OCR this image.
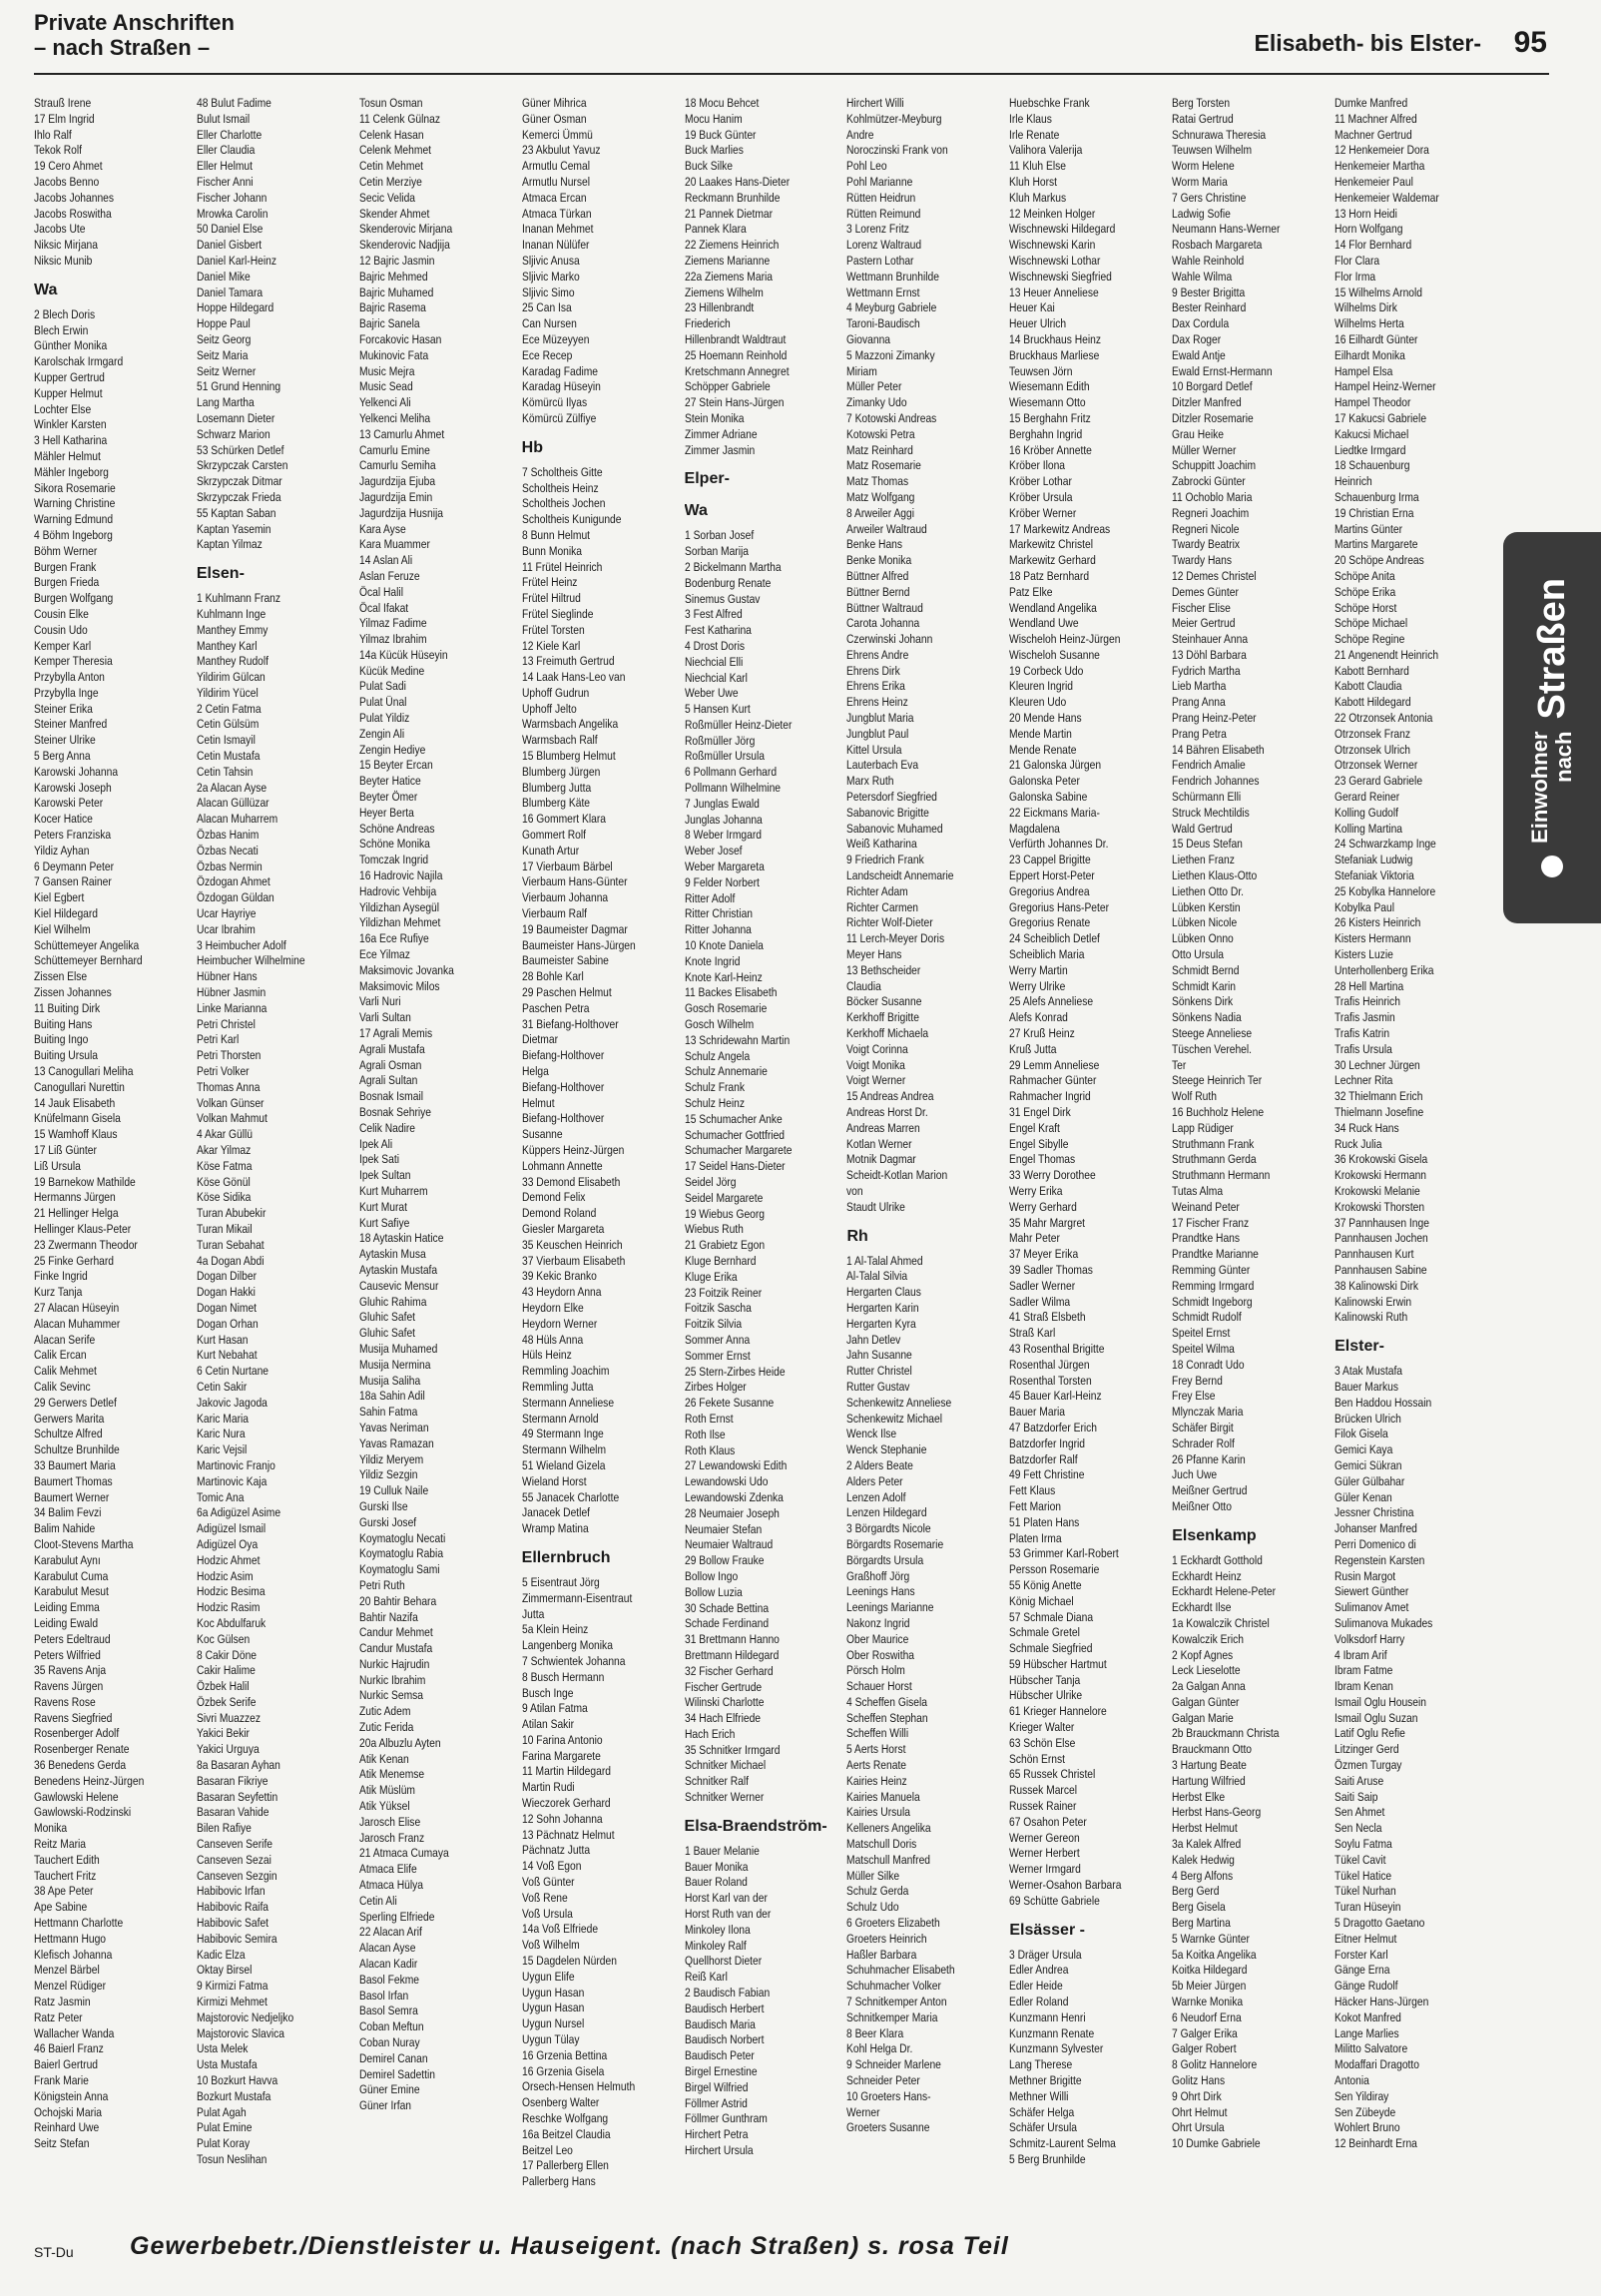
Private Anschriften
– nach Straßen –	Elisabeth- bis Elster- 95
Strauß Irene
17 Elm Ingrid
Ihlo Ralf
Tekok Rolf
19 Cero Ahmet
Jacobs Benno
Jacobs Johannes
Jacobs Roswitha
Jacobs Ute
Niksic Mirjana
Niksic Munib
Wa
2 Blech Doris
Blech Erwin
Günther Monika
Karolschak Irmgard
Kupper Gertrud
Kupper Helmut
Lochter Else
Winkler Karsten
3 Hell Katharina
Mähler Helmut
Mähler Ingeborg
Sikora Rosemarie
Warning Christine
Warning Edmund
4 Böhm Ingeborg
Böhm Werner
Burgen Frank
Burgen Frieda
Burgen Wolfgang
Cousin Elke
Cousin Udo
Kemper Karl
Kemper Theresia
Przybylla Anton
Przybylla Inge
Steiner Erika
Steiner Manfred
Steiner Ulrike
5 Berg Anna
Karowski Johanna
Karowski Joseph
Karowski Peter
Kocer Hatice
Peters Franziska
Yildiz Ayhan
6 Deymann Peter
7 Gansen Rainer
Kiel Egbert
Kiel Hildegard
Kiel Wilhelm
Schüttemeyer Angelika
Schüttemeyer Bernhard
Zissen Else
Zissen Johannes
11 Buiting Dirk
Buiting Hans
Buiting Ingo
Buiting Ursula
13 Canogullari Meliha
Canogullari Nurettin
14 Jauk Elisabeth
Knüfelmann Gisela
15 Wamhoff Klaus
17 Liß Günter
Liß Ursula
19 Barnekow Mathilde
Hermanns Jürgen
21 Hellinger Helga
Hellinger Klaus-Peter
23 Zwermann Theodor
25 Finke Gerhard
Finke Ingrid
Kurz Tanja
27 Alacan Hüseyin
Alacan Muhammer
Alacan Serife
Calik Ercan
Calik Mehmet
Calik Sevinc
29 Gerwers Detlef
Gerwers Marita
Schultze Alfred
Schultze Brunhilde
33 Baumert Maria
Baumert Thomas
Baumert Werner
34 Balim Fevzi
Balim Nahide
Cloot-Stevens Martha
Karabulut Aynı
Karabulut Cuma
Karabulut Mesut
Leiding Emma
Leiding Ewald
Peters Edeltraud
Peters Wilfried
35 Ravens Anja
Ravens Jürgen
Ravens Rose
Ravens Siegfried
Rosenberger Adolf
Rosenberger Renate
36 Benedens Gerda
Benedens Heinz-Jürgen
Gawlowski Helene
Gawlowski-Rodzinski
Monika
Reitz Maria
Tauchert Edith
Tauchert Fritz
38 Ape Peter
Ape Sabine
Hettmann Charlotte
Hettmann Hugo
Klefisch Johanna
Menzel Bärbel
Menzel Rüdiger
Ratz Jasmin
Ratz Peter
Wallacher Wanda
46 Baierl Franz
Baierl Gertrud
Frank Marie
Königstein Anna
Ochojski Maria
Reinhard Uwe
Seitz Stefan
48 Bulut Fadime
Bulut Ismail
Eller Charlotte
Eller Claudia
Eller Helmut
Fischer Anni
Fischer Johann
Mrowka Carolin
50 Daniel Else
Daniel Gisbert
Daniel Karl-Heinz
Daniel Mike
Daniel Tamara
Hoppe Hildegard
Hoppe Paul
Seitz Georg
Seitz Maria
Seitz Werner
51 Grund Henning
Lang Martha
Losemann Dieter
Schwarz Marion
53 Schürken Detlef
Skrzypczak Carsten
Skrzypczak Ditmar
Skrzypczak Frieda
55 Kaptan Saban
Kaptan Yasemin
Kaptan Yilmaz
Elsen-
1 Kuhlmann Franz
Kuhlmann Inge
Manthey Emmy
Manthey Karl
Manthey Rudolf
Yildirim Gülcan
Yildirim Yücel
2 Cetin Fatma
Cetin Gülsüm
Cetin Ismayil
Cetin Mustafa
Cetin Tahsin
2a Alacan Ayse
Alacan Güllüzar
Alacan Muharrem
Özbas Hanim
Özbas Necati
Özbas Nermin
Özdogan Ahmet
Özdogan Güldan
Ucar Hayriye
Ucar Ibrahim
3 Heimbucher Adolf
Heimbucher Wilhelmine
Hübner Hans
Hübner Jasmin
Linke Marianna
Petri Christel
Petri Karl
Petri Thorsten
Petri Volker
Thomas Anna
Volkan Günser
Volkan Mahmut
4 Akar Güllü
Akar Yilmaz
Köse Fatma
Köse Gönül
Köse Sidika
Turan Abubekir
Turan Mikail
Turan Sebahat
4a Dogan Abdi
Dogan Dilber
Dogan Hakki
Dogan Nimet
Dogan Orhan
Kurt Hasan
Kurt Nebahat
6 Cetin Nurtane
Cetin Sakir
Jakovic Jagoda
Karic Maria
Karic Nura
Karic Vejsil
Martinovic Franjo
Martinovic Kaja
Tomic Ana
6a Adigüzel Asime
Adigüzel Ismail
Adigüzel Oya
Hodzic Ahmet
Hodzic Asim
Hodzic Besima
Hodzic Rasim
Koc Abdulfaruk
Koc Gülsen
8 Cakir Döne
Cakir Halime
Özbek Halil
Özbek Serife
Sivri Muazzez
Yakici Bekir
Yakici Urguya
8a Basaran Ayhan
Basaran Fikriye
Basaran Seyfettin
Basaran Vahide
Bilen Rafiye
Canseven Serife
Canseven Sezai
Canseven Sezgin
Habibovic Irfan
Habibovic Raifa
Habibovic Safet
Habibovic Semira
Kadic Elza
Oktay Birsel
9 Kirmizi Fatma
Kirmizi Mehmet
Majstorovic Nedjeljko
Majstorovic Slavica
Usta Melek
Usta Mustafa
10 Bozkurt Havva
Bozkurt Mustafa
Pulat Agah
Pulat Emine
Pulat Koray
Tosun Neslihan
Tosun Osman
11 Celenk Gülnaz
Celenk Hasan
Celenk Mehmet
Cetin Mehmet
Cetin Merziye
Secic Velida
Skender Ahmet
Skenderovic Mirjana
Skenderovic Nadjija
12 Bajric Jasmin
Bajric Mehmed
Bajric Muhamed
Bajric Rasema
Bajric Sanela
Forcakovic Hasan
Mukinovic Fata
Music Mejra
Music Sead
Yelkenci Ali
Yelkenci Meliha
13 Camurlu Ahmet
Camurlu Emine
Camurlu Semiha
Jagurdzija Ejuba
Jagurdzija Emin
Jagurdzija Husnija
Kara Ayse
Kara Muammer
14 Aslan Ali
Aslan Feruze
Öcal Halil
Öcal Ifakat
Yilmaz Fadime
Yilmaz Ibrahim
14a Kücük Hüseyin
Kücük Medine
Pulat Sadi
Pulat Ünal
Pulat Yildiz
Zengin Ali
Zengin Hediye
15 Beyter Ercan
Beyter Hatice
Beyter Ömer
Heyer Berta
Schöne Andreas
Schöne Monika
Tomczak Ingrid
16 Hadrovic Najila
Hadrovic Vehbija
Yildizhan Aysegül
Yildizhan Mehmet
16a Ece Rufiye
Ece Yilmaz
Maksimovic Jovanka
Maksimovic Milos
Varli Nuri
Varli Sultan
17 Agrali Memis
Agrali Mustafa
Agrali Osman
Agrali Sultan
Bosnak Ismail
Bosnak Sehriye
Celik Nadire
Ipek Ali
Ipek Sati
Ipek Sultan
Kurt Muharrem
Kurt Murat
Kurt Safiye
18 Aytaskin Hatice
Aytaskin Musa
Aytaskin Mustafa
Causevic Mensur
Gluhic Rahima
Gluhic Safet
Gluhic Safet
Musija Muhamed
Musija Nermina
Musija Saliha
18a Sahin Adil
Sahin Fatma
Yavas Neriman
Yavas Ramazan
Yildiz Meryem
Yildiz Sezgin
19 Culluk Naile
Gurski Ilse
Gurski Josef
Koymatoglu Necati
Koymatoglu Rabia
Koymatoglu Sami
Petri Ruth
20 Bahtir Behara
Bahtir Nazifa
Candur Mehmet
Candur Mustafa
Nurkic Hajrudin
Nurkic Ibrahim
Nurkic Semsa
Zutic Adem
Zutic Ferida
20a Albuzlu Ayten
Atik Kenan
Atik Menemse
Atik Müslüm
Atik Yüksel
Jarosch Elise
Jarosch Franz
21 Atmaca Cumaya
Atmaca Elife
Atmaca Hülya
Cetin Ali
Sperling Elfriede
22 Alacan Arif
Alacan Ayse
Alacan Kadir
Basol Fekme
Basol Irfan
Basol Semra
Coban Meftun
Coban Nuray
Demirel Canan
Demirel Sadettin
Güner Emine
Güner Irfan
Güner Mihrica
Güner Osman
Kemerci Ümmü
23 Akbulut Yavuz
Armutlu Cemal
Armutlu Nursel
Atmaca Ercan
Atmaca Türkan
Inanan Mehmet
Inanan Nülüfer
Sljivic Anusa
Sljivic Marko
Sljivic Simo
25 Can Isa
Can Nursen
Ece Müzeyyen
Ece Recep
Karadag Fadime
Karadag Hüseyin
Kömürcü Ilyas
Kömürcü Zülfiye
Hb
7 Scholtheis Gitte
Scholtheis Heinz
Scholtheis Jochen
Scholtheis Kunigunde
8 Bunn Helmut
Bunn Monika
11 Frütel Heinrich
Frütel Heinz
Frütel Hiltrud
Frütel Sieglinde
Frütel Torsten
12 Kiele Karl
13 Freimuth Gertrud
14 Laak Hans-Leo van
Uphoff Gudrun
Uphoff Jelto
Warmsbach Angelika
Warmsbach Ralf
15 Blumberg Helmut
Blumberg Jürgen
Blumberg Jutta
Blumberg Käte
16 Gommert Klara
Gommert Rolf
Kunath Artur
17 Vierbaum Bärbel
Vierbaum Hans-Günter
Vierbaum Johanna
Vierbaum Ralf
19 Baumeister Dagmar
Baumeister Hans-Jürgen
Baumeister Sabine
28 Bohle Karl
29 Paschen Helmut
Paschen Petra
31 Biefang-Holthover
Dietmar
Biefang-Holthover
Helga
Biefang-Holthover
Helmut
Biefang-Holthover
Susanne
Küppers Heinz-Jürgen
Lohmann Annette
33 Demond Elisabeth
Demond Felix
Demond Roland
Giesler Margareta
35 Keuschen Heinrich
37 Vierbaum Elisabeth
39 Kekic Branko
43 Heydorn Anna
Heydorn Elke
Heydorn Werner
48 Hüls Anna
Hüls Heinz
Remmling Joachim
Remmling Jutta
Stermann Anneliese
Stermann Arnold
49 Stermann Inge
Stermann Wilhelm
51 Wieland Gizela
Wieland Horst
55 Janacek Charlotte
Janacek Detlef
Wramp Matina
Ellernbruch
5 Eisentraut Jörg
Zimmermann-Eisentraut
Jutta
5a Klein Heinz
Langenberg Monika
7 Schwientek Johanna
8 Busch Hermann
Busch Inge
9 Atilan Fatma
Atilan Sakir
10 Farina Antonio
Farina Margarete
11 Martin Hildegard
Martin Rudi
Wieczorek Gerhard
12 Sohn Johanna
13 Pächnatz Helmut
Pächnatz Jutta
14 Voß Egon
Voß Günter
Voß Rene
Voß Ursula
14a Voß Elfriede
Voß Wilhelm
15 Dagdelen Nürden
Uygun Elife
Uygun Hasan
Uygun Hasan
Uygun Nursel
Uygun Tülay
16 Grzenia Bettina
16 Grzenia Gisela
Orsech-Hensen Helmuth
Osenberg Walter
Reschke Wolfgang
16a Beitzel Claudia
Beitzel Leo
17 Pallerberg Ellen
Pallerberg Hans
18 Mocu Behcet
Mocu Hanim
19 Buck Günter
Buck Marlies
Buck Silke
20 Laakes Hans-Dieter
Reckmann Brunhilde
21 Pannek Dietmar
Pannek Klara
22 Ziemens Heinrich
Ziemens Marianne
22a Ziemens Maria
Ziemens Wilhelm
23 Hillenbrandt
Friederich
Hillenbrandt Waldtraut
25 Hoemann Reinhold
Kretschmann Annegret
Schöpper Gabriele
27 Stein Hans-Jürgen
Stein Monika
Zimmer Adriane
Zimmer Jasmin
Elper-
Wa
1 Sorban Josef
Sorban Marija
2 Bickelmann Martha
Bodenburg Renate
Sinemus Gustav
3 Fest Alfred
Fest Katharina
4 Drost Doris
Niechcial Elli
Niechcial Karl
Weber Uwe
5 Hansen Kurt
Roßmüller Heinz-Dieter
Roßmüller Jörg
Roßmüller Ursula
6 Pollmann Gerhard
Pollmann Wilhelmine
7 Junglas Ewald
Junglas Johanna
8 Weber Irmgard
Weber Josef
Weber Margareta
9 Felder Norbert
Ritter Adolf
Ritter Christian
Ritter Johanna
10 Knote Daniela
Knote Ingrid
Knote Karl-Heinz
11 Backes Elisabeth
Gosch Rosemarie
Gosch Wilhelm
13 Schridewahn Martin
Schulz Angela
Schulz Annemarie
Schulz Frank
Schulz Heinz
15 Schumacher Anke
Schumacher Gottfried
Schumacher Margarete
17 Seidel Hans-Dieter
Seidel Jörg
Seidel Margarete
19 Wiebus Georg
Wiebus Ruth
21 Grabietz Egon
Kluge Bernhard
Kluge Erika
23 Foitzik Reiner
Foitzik Sascha
Foitzik Silvia
Sommer Anna
Sommer Ernst
25 Stern-Zirbes Heide
Zirbes Holger
26 Fekete Susanne
Roth Ernst
Roth Ilse
Roth Klaus
27 Lewandowski Edith
Lewandowski Udo
Lewandowski Zdenka
28 Neumaier Joseph
Neumaier Stefan
Neumaier Waltraud
29 Bollow Frauke
Bollow Ingo
Bollow Luzia
30 Schade Bettina
Schade Ferdinand
31 Brettmann Hanno
Brettmann Hildegard
32 Fischer Gerhard
Fischer Gertrude
Wilinski Charlotte
34 Hach Elfriede
Hach Erich
35 Schnitker Irmgard
Schnitker Michael
Schnitker Ralf
Schnitker Werner
Elsa-Braendström-
1 Bauer Melanie
Bauer Monika
Bauer Roland
Horst Karl van der
Horst Ruth van der
Minkoley Ilona
Minkoley Ralf
Quellhorst Dieter
Reiß Karl
2 Baudisch Fabian
Baudisch Herbert
Baudisch Maria
Baudisch Norbert
Baudisch Peter
Birgel Ernestine
Birgel Wilfried
Föllmer Astrid
Föllmer Gunthram
Hirchert Petra
Hirchert Ursula
Hirchert Willi
Kohlmützer-Meyburg
Andre
Noroczinski Frank von
Pohl Leo
Pohl Marianne
Rütten Heidrun
Rütten Reimund
3 Lorenz Fritz
Lorenz Waltraud
Pastern Lothar
Wettmann Brunhilde
Wettmann Ernst
4 Meyburg Gabriele
Taroni-Baudisch
Giovanna
5 Mazzoni Zimanky
Miriam
Müller Peter
Zimanky Udo
7 Kotowski Andreas
Kotowski Petra
Matz Reinhard
Matz Rosemarie
Matz Thomas
Matz Wolfgang
8 Arweiler Aggi
Arweiler Waltraud
Benke Hans
Benke Monika
Büttner Alfred
Büttner Bernd
Büttner Waltraud
Carota Johanna
Czerwinski Johann
Ehrens Andre
Ehrens Dirk
Ehrens Erika
Ehrens Heinz
Jungblut Maria
Jungblut Paul
Kittel Ursula
Lauterbach Eva
Marx Ruth
Petersdorf Siegfried
Sabanovic Brigitte
Sabanovic Muhamed
Weiß Katharina
9 Friedrich Frank
Landscheidt Annemarie
Richter Adam
Richter Carmen
Richter Wolf-Dieter
11 Lerch-Meyer Doris
Meyer Hans
13 Bethscheider
Claudia
Böcker Susanne
Kerkhoff Brigitte
Kerkhoff Michaela
Voigt Corinna
Voigt Monika
Voigt Werner
15 Andreas Andrea
Andreas Horst Dr.
Andreas Marren
Kotlan Werner
Motnik Dagmar
Scheidt-Kotlan Marion
von
Staudt Ulrike
Rh
1 Al-Talal Ahmed
Al-Talal Silvia
Hergarten Claus
Hergarten Karin
Hergarten Kyra
Jahn Detlev
Jahn Susanne
Rutter Christel
Rutter Gustav
Schenkewitz Anneliese
Schenkewitz Michael
Wenck Ilse
Wenck Stephanie
2 Alders Beate
Alders Peter
Lenzen Adolf
Lenzen Hildegard
3 Börgardts Nicole
Börgardts Rosemarie
Börgardts Ursula
Graßhoff Jörg
Leenings Hans
Leenings Marianne
Nakonz Ingrid
Ober Maurice
Ober Roswitha
Pörsch Holm
Schauer Horst
4 Scheffen Gisela
Scheffen Stephan
Scheffen Willi
5 Aerts Horst
Aerts Renate
Kairies Heinz
Kairies Manuela
Kairies Ursula
Kelleners Angelika
Matschull Doris
Matschull Manfred
Müller Silke
Schulz Gerda
Schulz Udo
6 Groeters Elizabeth
Groeters Heinrich
Haßler Barbara
Schuhmacher Elisabeth
Schuhmacher Volker
7 Schnitkemper Anton
Schnitkemper Maria
8 Beer Klara
Kohl Helga Dr.
9 Schneider Marlene
Schneider Peter
10 Groeters Hans-
Werner
Groeters Susanne
Huebschke Frank
Irle Klaus
Irle Renate
Valihora Valerija
11 Kluh Else
Kluh Horst
Kluh Markus
12 Meinken Holger
Wischnewski Hildegard
Wischnewski Karin
Wischnewski Lothar
Wischnewski Siegfried
13 Heuer Anneliese
Heuer Kai
Heuer Ulrich
14 Bruckhaus Heinz
Bruckhaus Marliese
Teuwsen Jörn
Wiesemann Edith
Wiesemann Otto
15 Berghahn Fritz
Berghahn Ingrid
16 Kröber Annette
Kröber Ilona
Kröber Lothar
Kröber Ursula
Kröber Werner
17 Markewitz Andreas
Markewitz Christel
Markewitz Gerhard
18 Patz Bernhard
Patz Elke
Wendland Angelika
Wendland Uwe
Wischeloh Heinz-Jürgen
Wischeloh Susanne
19 Corbeck Udo
Kleuren Ingrid
Kleuren Udo
20 Mende Hans
Mende Martin
Mende Renate
21 Galonska Jürgen
Galonska Peter
Galonska Sabine
22 Eickmans Maria-
Magdalena
Verfürth Johannes Dr.
23 Cappel Brigitte
Eppert Horst-Peter
Gregorius Andrea
Gregorius Hans-Peter
Gregorius Renate
24 Scheiblich Detlef
Scheiblich Maria
Werry Martin
Werry Ulrike
25 Alefs Anneliese
Alefs Konrad
27 Kruß Heinz
Kruß Jutta
29 Lemm Anneliese
Rahmacher Günter
Rahmacher Ingrid
31 Engel Dirk
Engel Kraft
Engel Sibylle
Engel Thomas
33 Werry Dorothee
Werry Erika
Werry Gerhard
35 Mahr Margret
Mahr Peter
37 Meyer Erika
39 Sadler Thomas
Sadler Werner
Sadler Wilma
41 Straß Elsbeth
Straß Karl
43 Rosenthal Brigitte
Rosenthal Jürgen
Rosenthal Torsten
45 Bauer Karl-Heinz
Bauer Maria
47 Batzdorfer Erich
Batzdorfer Ingrid
Batzdorfer Ralf
49 Fett Christine
Fett Klaus
Fett Marion
51 Platen Hans
Platen Irma
53 Grimmer Karl-Robert
Persson Rosemarie
55 König Anette
König Michael
57 Schmale Diana
Schmale Gretel
Schmale Siegfried
59 Hübscher Hartmut
Hübscher Tanja
Hübscher Ulrike
61 Krieger Hannelore
Krieger Walter
63 Schön Else
Schön Ernst
65 Russek Christel
Russek Marcel
Russek Rainer
67 Osahon Peter
Werner Gereon
Werner Herbert
Werner Irmgard
Werner-Osahon Barbara
69 Schütte Gabriele
Elsässer -
3 Dräger Ursula
Edler Andrea
Edler Heide
Edler Roland
Kunzmann Henri
Kunzmann Renate
Kunzmann Sylvester
Lang Therese
Methner Brigitte
Methner Willi
Schäfer Helga
Schäfer Ursula
Schmitz-Laurent Selma
5 Berg Brunhilde
Berg Torsten
Ratai Gertrud
Schnurawa Theresia
Teuwsen Wilhelm
Worm Helene
Worm Maria
7 Gers Christine
Ladwig Sofie
Neumann Hans-Werner
Rosbach Margareta
Wahle Reinhold
Wahle Wilma
9 Bester Brigitta
Bester Reinhard
Dax Cordula
Dax Roger
Ewald Antje
Ewald Ernst-Hermann
10 Borgard Detlef
Ditzler Manfred
Ditzler Rosemarie
Grau Heike
Müller Werner
Schuppitt Joachim
Zabrocki Günter
11 Ochoblo Maria
Regneri Joachim
Regneri Nicole
Twardy Beatrix
Twardy Hans
12 Demes Christel
Demes Günter
Fischer Elise
Meier Gertrud
Steinhauer Anna
13 Döhl Barbara
Fydrich Martha
Lieb Martha
Prang Anna
Prang Heinz-Peter
Prang Petra
14 Bähren Elisabeth
Fendrich Amalie
Fendrich Johannes
Schürmann Elli
Struck Mechtildis
Wald Gertrud
15 Deus Stefan
Liethen Franz
Liethen Klaus-Otto
Liethen Otto Dr.
Lübken Kerstin
Lübken Nicole
Lübken Onno
Otto Ursula
Schmidt Bernd
Schmidt Karin
Sönkens Dirk
Sönkens Nadia
Steege Anneliese
Tüschen Verehel.
Ter
Steege Heinrich Ter
Wolf Ruth
16 Buchholz Helene
Lapp Rüdiger
Struthmann Frank
Struthmann Gerda
Struthmann Hermann
Tutas Alma
Weinand Peter
17 Fischer Franz
Prandtke Hans
Prandtke Marianne
Remming Günter
Remming Irmgard
Schmidt Ingeborg
Schmidt Rudolf
Speitel Ernst
Speitel Wilma
18 Conradt Udo
Frey Bernd
Frey Else
Mlynczak Maria
Schäfer Birgit
Schrader Rolf
26 Pfanne Karin
Juch Uwe
Meißner Gertrud
Meißner Otto
Elsenkamp
1 Eckhardt Gotthold
Eckhardt Heinz
Eckhardt Helene-Peter
Eckhardt Ilse
1a Kowalczik Christel
Kowalczik Erich
2 Kopf Agnes
Leck Lieselotte
2a Galgan Anna
Galgan Günter
Galgan Marie
2b Brauckmann Christa
Brauckmann Otto
3 Hartung Beate
Hartung Wilfried
Herbst Elke
Herbst Hans-Georg
Herbst Helmut
3a Kalek Alfred
Kalek Hedwig
4 Berg Alfons
Berg Gerd
Berg Gisela
Berg Martina
5 Warnke Günter
5a Koitka Angelika
Koitka Hildegard
5b Meier Jürgen
Warnke Monika
6 Neudorf Erna
7 Galger Erika
Galger Robert
8 Golitz Hannelore
Golitz Hans
9 Ohrt Dirk
Ohrt Helmut
Ohrt Ursula
10 Dumke Gabriele
Dumke Manfred
11 Machner Alfred
Machner Gertrud
12 Henkemeier Dora
Henkemeier Martha
Henkemeier Paul
Henkemeier Waldemar
13 Horn Heidi
Horn Wolfgang
14 Flor Bernhard
Flor Clara
Flor Irma
15 Wilhelms Arnold
Wilhelms Dirk
Wilhelms Herta
16 Eilhardt Günter
Eilhardt Monika
Hampel Elsa
Hampel Heinz-Werner
Hampel Theodor
17 Kakucsi Gabriele
Kakucsi Michael
Liedtke Irmgard
18 Schauenburg
Heinrich
Schauenburg Irma
19 Christian Erna
Martins Günter
Martins Margarete
20 Schöpe Andreas
Schöpe Anita
Schöpe Erika
Schöpe Horst
Schöpe Michael
Schöpe Regine
21 Angenendt Heinrich
Kabott Bernhard
Kabott Claudia
Kabott Hildegard
22 Otrzonsek Antonia
Otrzonsek Franz
Otrzonsek Ulrich
Otrzonsek Werner
23 Gerard Gabriele
Gerard Reiner
Kolling Gudolf
Kolling Martina
24 Schwarzkamp Inge
Stefaniak Ludwig
Stefaniak Viktoria
25 Kobylka Hannelore
Kobylka Paul
26 Kisters Heinrich
Kisters Hermann
Kisters Luzie
Unterhollenberg Erika
28 Hell Martina
Trafis Heinrich
Trafis Jasmin
Trafis Katrin
Trafis Ursula
30 Lechner Jürgen
Lechner Rita
32 Thielmann Erich
Thielmann Josefine
34 Ruck Hans
Ruck Julia
36 Krokowski Gisela
Krokowski Hermann
Krokowski Melanie
Krokowski Thorsten
37 Pannhausen Inge
Pannhausen Jochen
Pannhausen Kurt
Pannhausen Sabine
38 Kalinowski Dirk
Kalinowski Erwin
Kalinowski Ruth
Elster-
3 Atak Mustafa
Bauer Markus
Ben Haddou Hossain
Brücken Ulrich
Filok Gisela
Gemici Kaya
Gemici Sükran
Güler Gülbahar
Güler Kenan
Jessner Christina
Johanser Manfred
Perri Domenico di
Regenstein Karsten
Rusin Margot
Siewert Günther
Sulimanov Amet
Sulimanova Mukades
Volksdorf Harry
4 Ibram Arif
Ibram Fatme
Ibram Kenan
Ismail Oglu Housein
Ismail Oglu Suzan
Latif Oglu Refie
Litzinger Gerd
Özmen Turgay
Saiti Aruse
Saiti Saip
Sen Ahmet
Sen Necla
Soylu Fatma
Tükel Cavit
Tükel Hatice
Tükel Nurhan
Turan Hüseyin
5 Dragotto Gaetano
Eitner Helmut
Forster Karl
Gänge Erna
Gänge Rudolf
Häcker Hans-Jürgen
Kokot Manfred
Lange Marlies
Militto Salvatore
Modaffari Dragotto
Antonia
Sen Yildiray
Sen Zübeyde
Wohlert Bruno
12 Beinhardt Erna
Einwohner nach
Straßen
ST-Du Gewerbebetr./Dienstleister u. Hauseigent. (nach Straßen) s. rosa Teil
